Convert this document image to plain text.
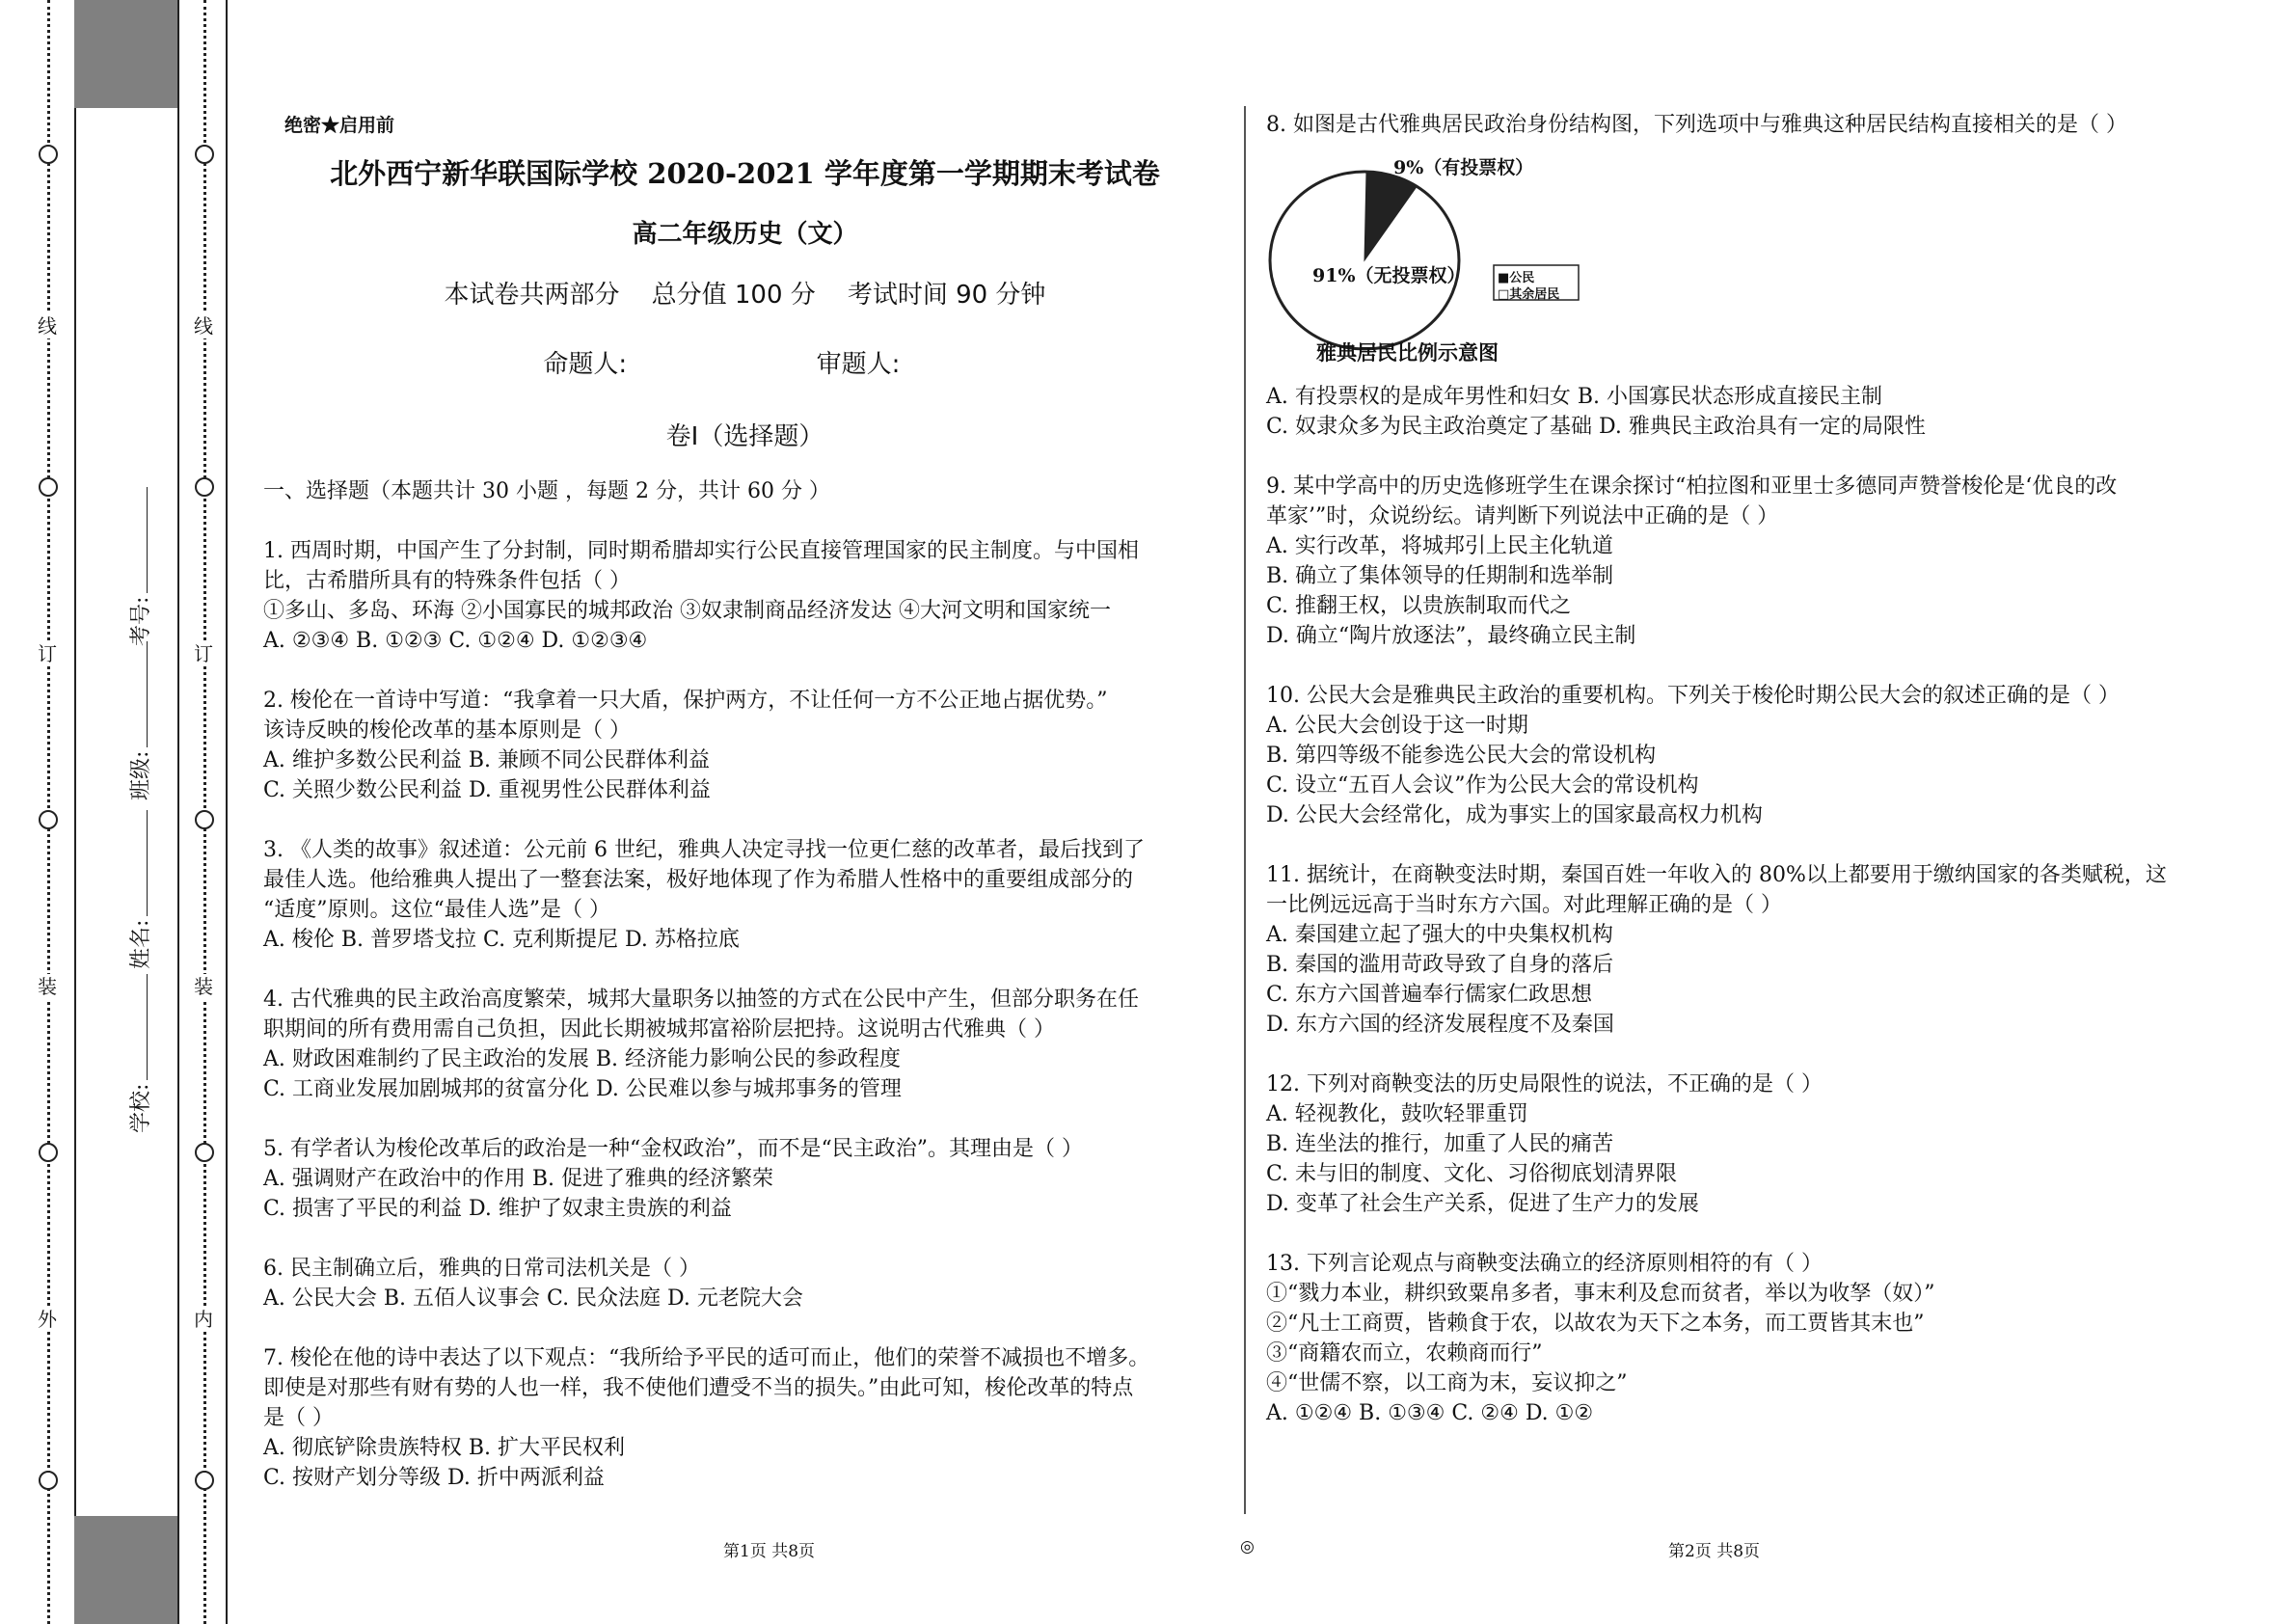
线
订
装
外
线
订
装
内
学校:
姓名:
班级:
考号:
绝密★启用前
北外西宁新华联国际学校 2020-2021 学年度第一学期期末考试卷
高二年级历史（文）
本试卷共两部分    总分值 100 分    考试时间 90 分钟
命题人:	审题人:
卷Ⅰ（选择题）

一、选择题（本题共计 30 小题 ，每题 2 分，共计 60 分 ）

1. 西周时期，中国产生了分封制，同时期希腊却实行公民直接管理国家的民主制度。与中国相

比，古希腊所具有的特殊条件包括（ ）

①多山、多岛、环海 ②小国寡民的城邦政治 ③奴隶制商品经济发达 ④大河文明和国家统一

A. ②③④ B. ①②③ C. ①②④ D. ①②③④

2. 梭伦在一首诗中写道：“我拿着一只大盾，保护两方，不让任何一方不公正地占据优势。”

该诗反映的梭伦改革的基本原则是（ ）

A. 维护多数公民利益 B. 兼顾不同公民群体利益

C. 关照少数公民利益 D. 重视男性公民群体利益

3. 《人类的故事》叙述道：公元前 6 世纪，雅典人决定寻找一位更仁慈的改革者，最后找到了

最佳人选。他给雅典人提出了一整套法案，极好地体现了作为希腊人性格中的重要组成部分的

“适度”原则。这位“最佳人选”是（ ）

A. 梭伦 B. 普罗塔戈拉 C. 克利斯提尼 D. 苏格拉底

4. 古代雅典的民主政治高度繁荣，城邦大量职务以抽签的方式在公民中产生，但部分职务在任

职期间的所有费用需自己负担，因此长期被城邦富裕阶层把持。这说明古代雅典（ ）

A. 财政困难制约了民主政治的发展 B. 经济能力影响公民的参政程度

C. 工商业发展加剧城邦的贫富分化 D. 公民难以参与城邦事务的管理

5. 有学者认为梭伦改革后的政治是一种“金权政治”，而不是“民主政治”。其理由是（ ）

A. 强调财产在政治中的作用 B. 促进了雅典的经济繁荣

C. 损害了平民的利益 D. 维护了奴隶主贵族的利益

6. 民主制确立后，雅典的日常司法机关是（ ）

A. 公民大会 B. 五佰人议事会 C. 民众法庭 D. 元老院大会

7. 梭伦在他的诗中表达了以下观点：“我所给予平民的适可而止，他们的荣誉不减损也不增多。

即使是对那些有财有势的人也一样，我不使他们遭受不当的损失。”由此可知，梭伦改革的特点

是（ ）

A. 彻底铲除贵族特权 B. 扩大平民权利

C. 按财产划分等级 D. 折中两派利益

8. 如图是古代雅典居民政治身份结构图，下列选项中与雅典这种居民结构直接相关的是（ ）

9%（有投票权）
91%（无投票权）	■公民
□其余居民
雅典居民比例示意图

A. 有投票权的是成年男性和妇女 B. 小国寡民状态形成直接民主制

C. 奴隶众多为民主政治奠定了基础 D. 雅典民主政治具有一定的局限性

9. 某中学高中的历史选修班学生在课余探讨“柏拉图和亚里士多德同声赞誉梭伦是‘优良的改

革家’”时，众说纷纭。请判断下列说法中正确的是（ ）

A. 实行改革，将城邦引上民主化轨道

B. 确立了集体领导的任期制和选举制

C. 推翻王权，以贵族制取而代之

D. 确立“陶片放逐法”，最终确立民主制

10. 公民大会是雅典民主政治的重要机构。下列关于梭伦时期公民大会的叙述正确的是（ ）

A. 公民大会创设于这一时期

B. 第四等级不能参选公民大会的常设机构

C. 设立“五百人会议”作为公民大会的常设机构

D. 公民大会经常化，成为事实上的国家最高权力机构

11. 据统计，在商鞅变法时期，秦国百姓一年收入的 80%以上都要用于缴纳国家的各类赋税，这

一比例远远高于当时东方六国。对此理解正确的是（ ）

A. 秦国建立起了强大的中央集权机构

B. 秦国的滥用苛政导致了自身的落后

C. 东方六国普遍奉行儒家仁政思想

D. 东方六国的经济发展程度不及秦国

12. 下列对商鞅变法的历史局限性的说法，不正确的是（ ）

A. 轻视教化，鼓吹轻罪重罚

B. 连坐法的推行，加重了人民的痛苦

C. 未与旧的制度、文化、习俗彻底划清界限

D. 变革了社会生产关系，促进了生产力的发展

13. 下列言论观点与商鞅变法确立的经济原则相符的有（ ）

①“戮力本业，耕织致粟帛多者，事末利及怠而贫者，举以为收孥（奴）”

②“凡士工商贾，皆赖食于农，以故农为天下之本务，而工贾皆其末也”

③“商籍农而立，农赖商而行”

④“世儒不察，以工商为末，妄议抑之”

A. ①②④ B. ①③④ C. ②④ D. ①②

第1页 共8页	◎	第2页 共8页
